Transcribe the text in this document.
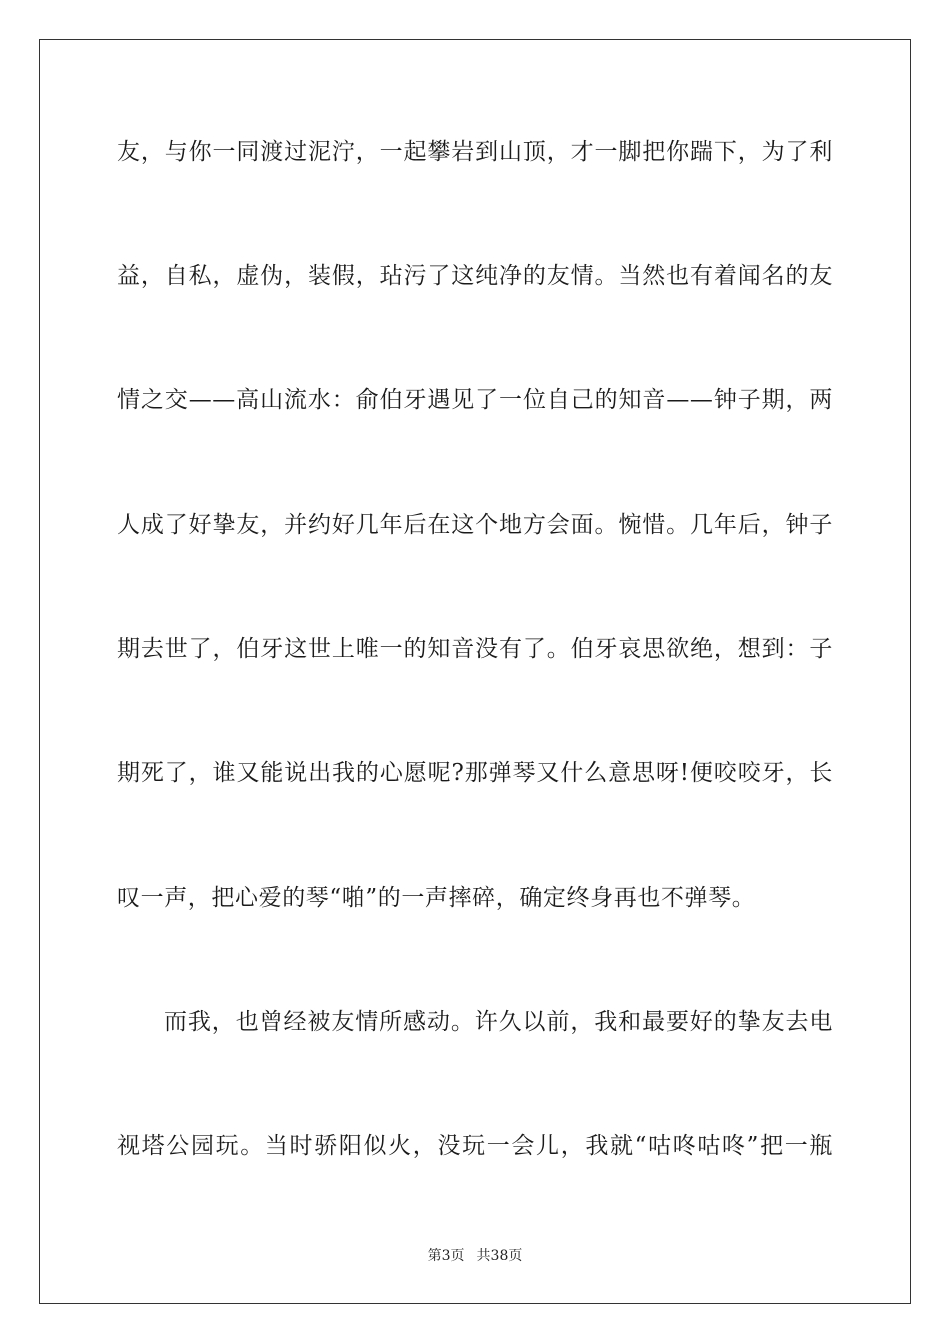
友，与你一同渡过泥泞，一起攀岩到山顶，才一脚把你踹下，为了利
益，自私，虚伪，装假，玷污了这纯净的友情。当然也有着闻名的友
情之交——高山流水：俞伯牙遇见了一位自己的知音——钟子期，两
人成了好挚友，并约好几年后在这个地方会面。惋惜。几年后，钟子
期去世了，伯牙这世上唯一的知音没有了。伯牙哀思欲绝，想到：子
期死了，谁又能说出我的心愿呢?那弹琴又什么意思呀!便咬咬牙，长
叹一声，把心爱的琴“啪”的一声摔碎，确定终身再也不弹琴。
而我，也曾经被友情所感动。许久以前，我和最要好的挚友去电
视塔公园玩。当时骄阳似火，没玩一会儿，我就“咕咚咕咚”把一瓶
第3页 共38页
